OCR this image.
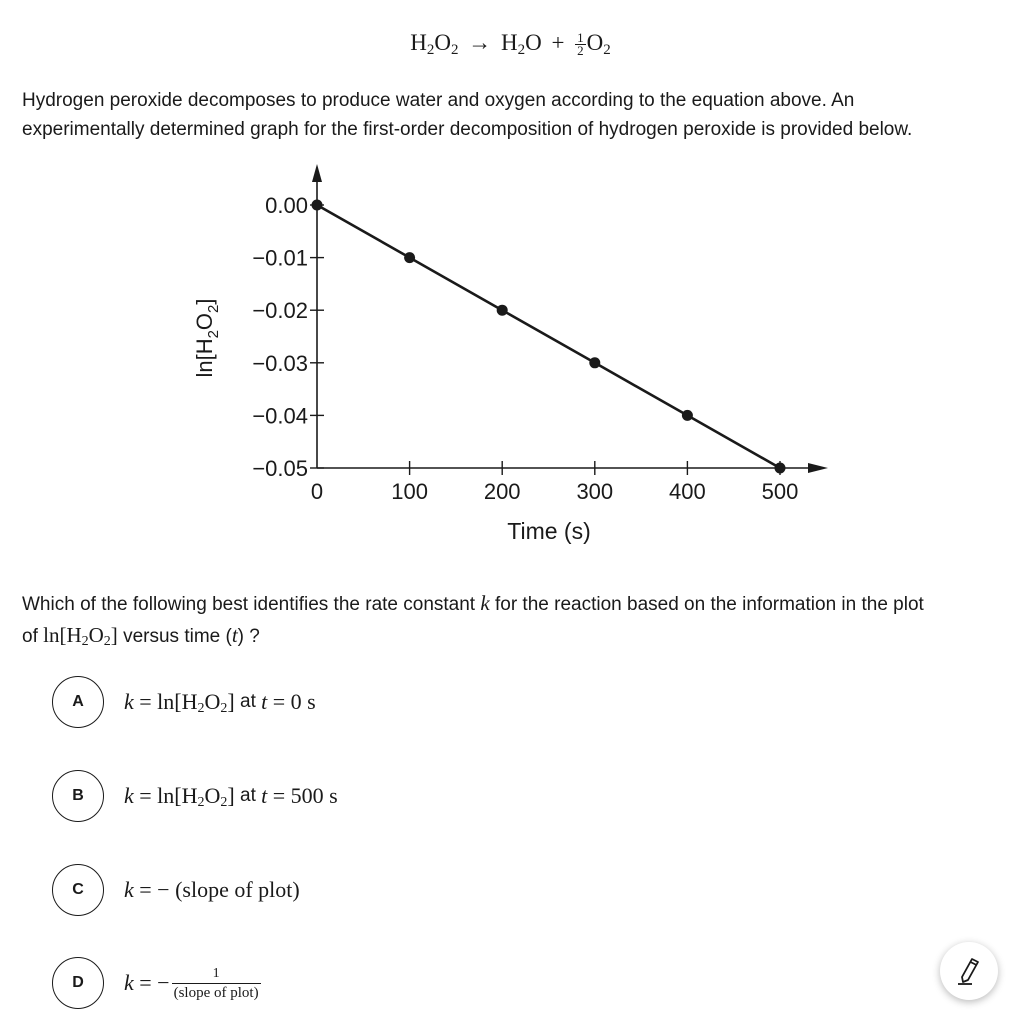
$H_2O_2 \to H_2O + \frac{1}{2} O_2$
Hydrogen peroxide decomposes to produce water and oxygen according to the equation above. An
experimentally determined graph for the first-order decomposition of hydrogen peroxide is provided below.
0.00
−0.01
−0.02
−0.03
−0.04
−0.05
0	100	200	300	400	500
Time (s)
$\ln[H_2O_2]$
Which of the following best identifies the rate constant k for the reaction based on the information in the plot
of $\ln[H_2O_2]$ versus time (t) ?
A	$k = \ln[H_2O_2]$ at t = 0 s
B	$k = \ln[H_2O_2]$ at t = 500 s
C	k = − (slope of plot)
D	k = − $\frac{1}{\text{(slope of plot)}}$
